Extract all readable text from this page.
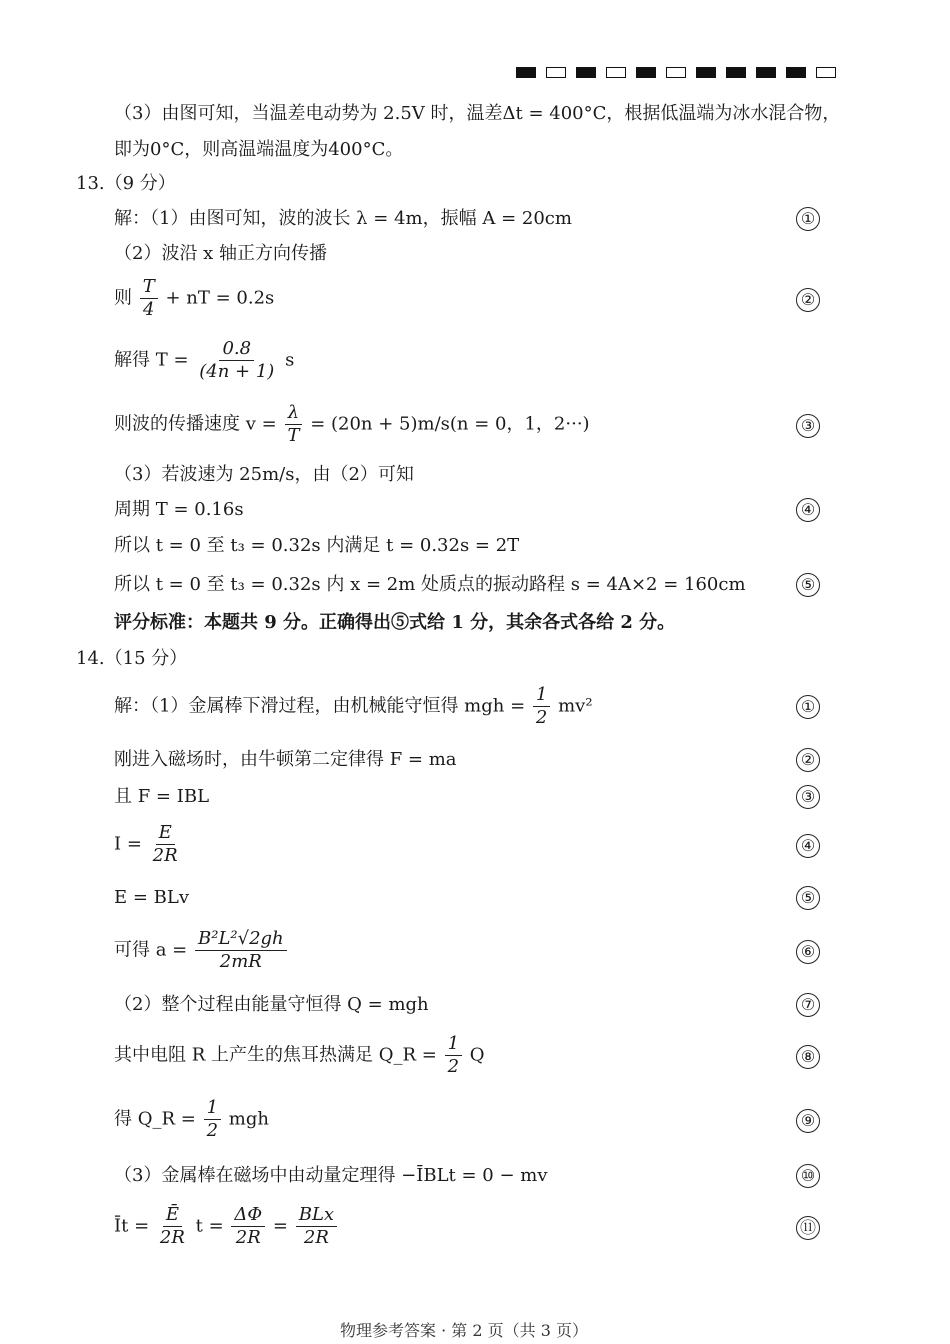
（3）由图可知，当温差电动势为 2.5V 时，温差Δt = 400°C，根据低温端为冰水混合物，
即为0°C，则高温端温度为400°C。
13.（9 分）
解：（1）由图可知，波的波长 λ = 4m，振幅 A = 20cm	①
（2）波沿 x 轴正方向传播
则 $\frac{T}{4}$ + nT = 0.2s	②
解得 $T = \frac{0.8}{(4n + 1)}$ s
则波的传播速度 $v = \frac{\lambda}{T} = (20n + 5)m/s(n = 0$，1，2···)	③
（3）若波速为 25m/s，由（2）可知
周期 T = 0.16s	④
所以 t = 0 至 t₃ = 0.32s 内满足 t = 0.32s = 2T
所以 t = 0 至 t₃ = 0.32s 内 x = 2m 处质点的振动路程 s = 4A×2 = 160cm	⑤
评分标准：本题共 9 分。正确得出⑤式给 1 分，其余各式各给 2 分。
14.（15 分）
解：（1）金属棒下滑过程，由机械能守恒得 mgh = $\frac{1}{2} mv^2$	①
刚进入磁场时，由牛顿第二定律得 F = ma	②
且 F = IBL	③
$I = \frac{E}{2R}$	④
E = BLv	⑤
可得 $a = \frac{\text{B²L²√2gh}}{2mR}$	⑥
（2）整个过程由能量守恒得 Q = mgh	⑦
其中电阻 R 上产生的焦耳热满足 Q_R = $\frac{1}{2}$ Q	⑧
得 Q_R = $\frac{1}{2}$ mgh	⑨
（3）金属棒在磁场中由动量定理得 −ĪBLt = 0 − mv	⑩
Īt = $\frac{Ē}{2R}$ $t = \frac{\Delta\Phi}{2R} = \frac{\text{BLx}}{2R}$	⑪
物理参考答案 · 第 2 页（共 3 页）
